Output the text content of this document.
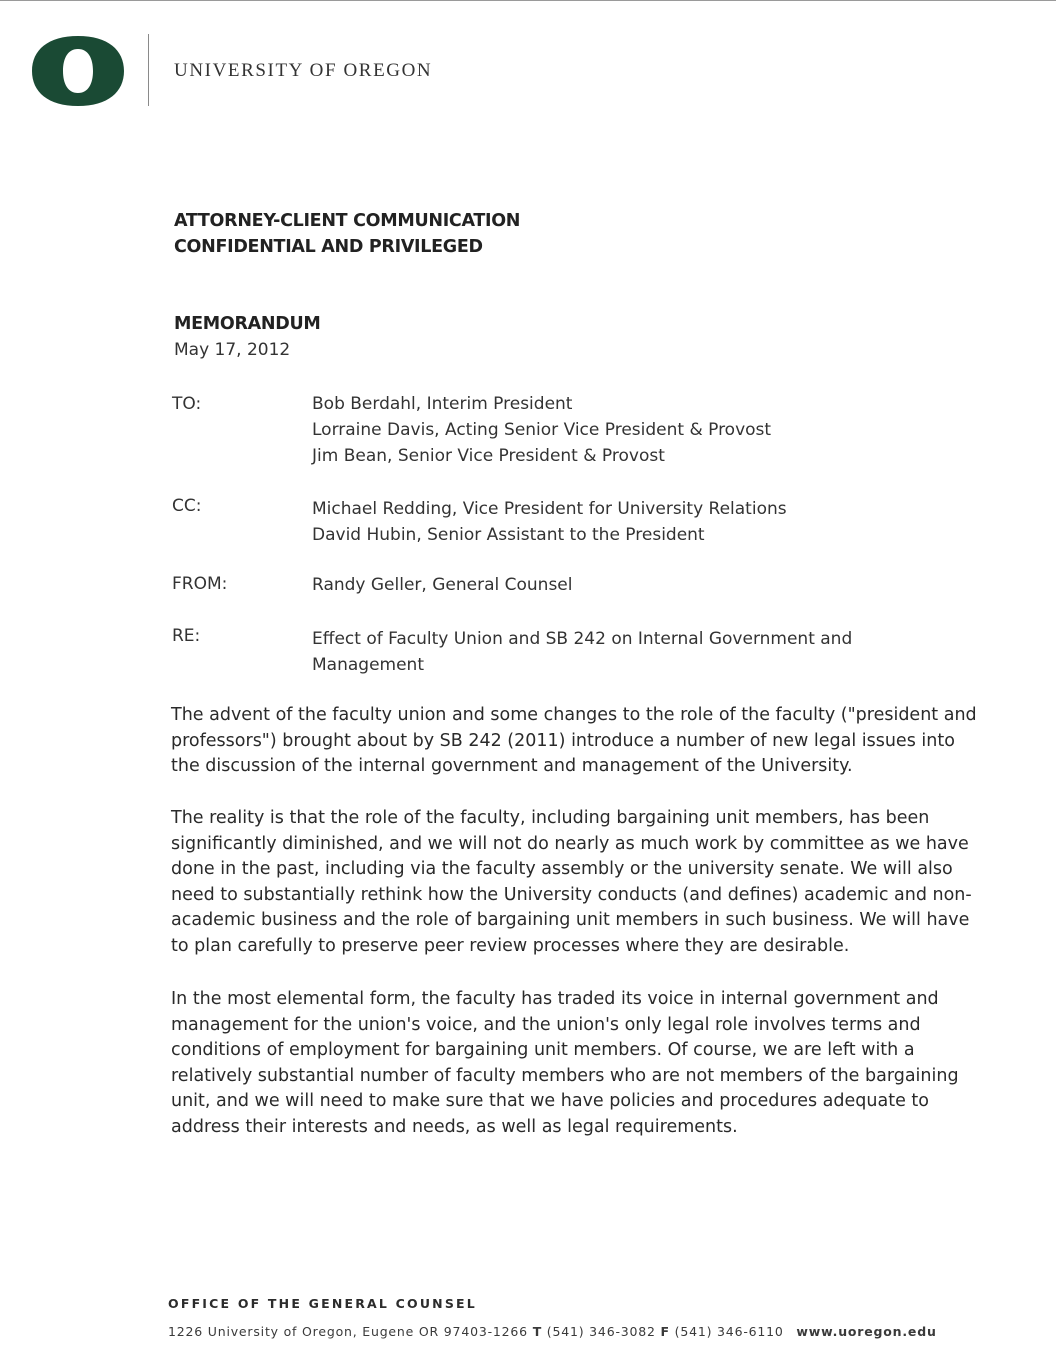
UNIVERSITY OF OREGON
ATTORNEY-CLIENT COMMUNICATION
CONFIDENTIAL AND PRIVILEGED
MEMORANDUM
May 17, 2012
TO:	Bob Berdahl, Interim President
Lorraine Davis, Acting Senior Vice President & Provost
Jim Bean, Senior Vice President & Provost
CC:	Michael Redding, Vice President for University Relations
David Hubin, Senior Assistant to the President
FROM:	Randy Geller, General Counsel
RE:	Effect of Faculty Union and SB 242 on Internal Government and
Management
The advent of the faculty union and some changes to the role of the faculty ("president and
professors") brought about by SB 242 (2011) introduce a number of new legal issues into
the discussion of the internal government and management of the University.
The reality is that the role of the faculty, including bargaining unit members, has been
significantly diminished, and we will not do nearly as much work by committee as we have
done in the past, including via the faculty assembly or the university senate. We will also
need to substantially rethink how the University conducts (and defines) academic and non-
academic business and the role of bargaining unit members in such business. We will have
to plan carefully to preserve peer review processes where they are desirable.
In the most elemental form, the faculty has traded its voice in internal government and
management for the union's voice, and the union's only legal role involves terms and
conditions of employment for bargaining unit members. Of course, we are left with a
relatively substantial number of faculty members who are not members of the bargaining
unit, and we will need to make sure that we have policies and procedures adequate to
address their interests and needs, as well as legal requirements.
OFFICE OF THE GENERAL COUNSEL
1226 University of Oregon, Eugene OR 97403-1266 T (541) 346-3082 F (541) 346-6110 www.uoregon.edu
